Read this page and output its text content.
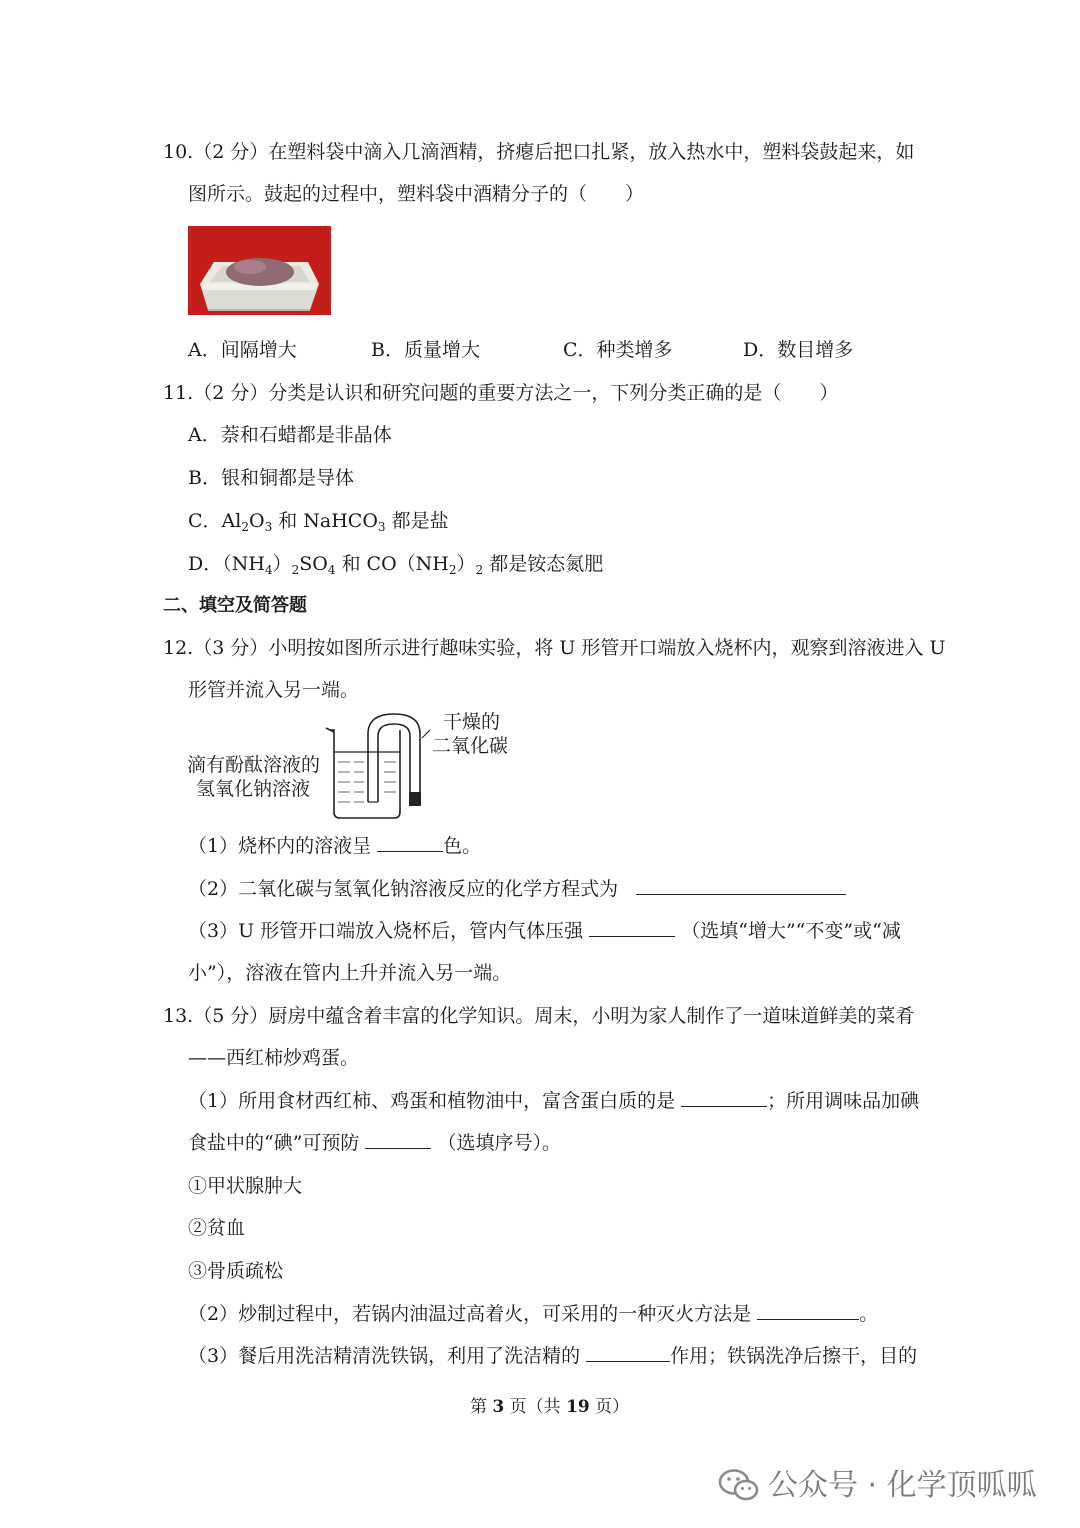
10.（2 分）在塑料袋中滴入几滴酒精，挤瘪后把口扎紧，放入热水中，塑料袋鼓起来，如
图所示。鼓起的过程中，塑料袋中酒精分子的（　　）
A．间隔增大	B．质量增大	C．种类增多	D．数目增多
11.（2 分）分类是认识和研究问题的重要方法之一，下列分类正确的是（　　）
A．萘和石蜡都是非晶体
B．银和铜都是导体
C．$Al_2O_3$ 和 NaHCO$_3$ 都是盐
D．$(NH_4)_2SO_4$ 和 $CO(NH_2)_2$ 都是铵态氮肥
二、填空及简答题
12.（3 分）小明按如图所示进行趣味实验，将 U 形管开口端放入烧杯内，观察到溶液进入 U
形管并流入另一端。
干燥的
二氧化碳
滴有酚酞溶液的
氢氧化钠溶液
（1）烧杯内的溶液呈	色。
（2）二氧化碳与氢氧化钠溶液反应的化学方程式为
（3）U 形管开口端放入烧杯后，管内气体压强	（选填“增大”“不变”或“减
小”），溶液在管内上升并流入另一端。
13.（5 分）厨房中蕴含着丰富的化学知识。周末，小明为家人制作了一道味道鲜美的菜肴
——西红柿炒鸡蛋。
（1）所用食材西红柿、鸡蛋和植物油中，富含蛋白质的是	；所用调味品加碘
食盐中的“碘”可预防	（选填序号）。
①甲状腺肿大
②贫血
③骨质疏松
（2）炒制过程中，若锅内油温过高着火，可采用的一种灭火方法是	。
（3）餐后用洗洁精清洗铁锅，利用了洗洁精的	作用；铁锅洗净后擦干，目的
第 3 页（共 19 页）
公众号 · 化学顶呱呱
